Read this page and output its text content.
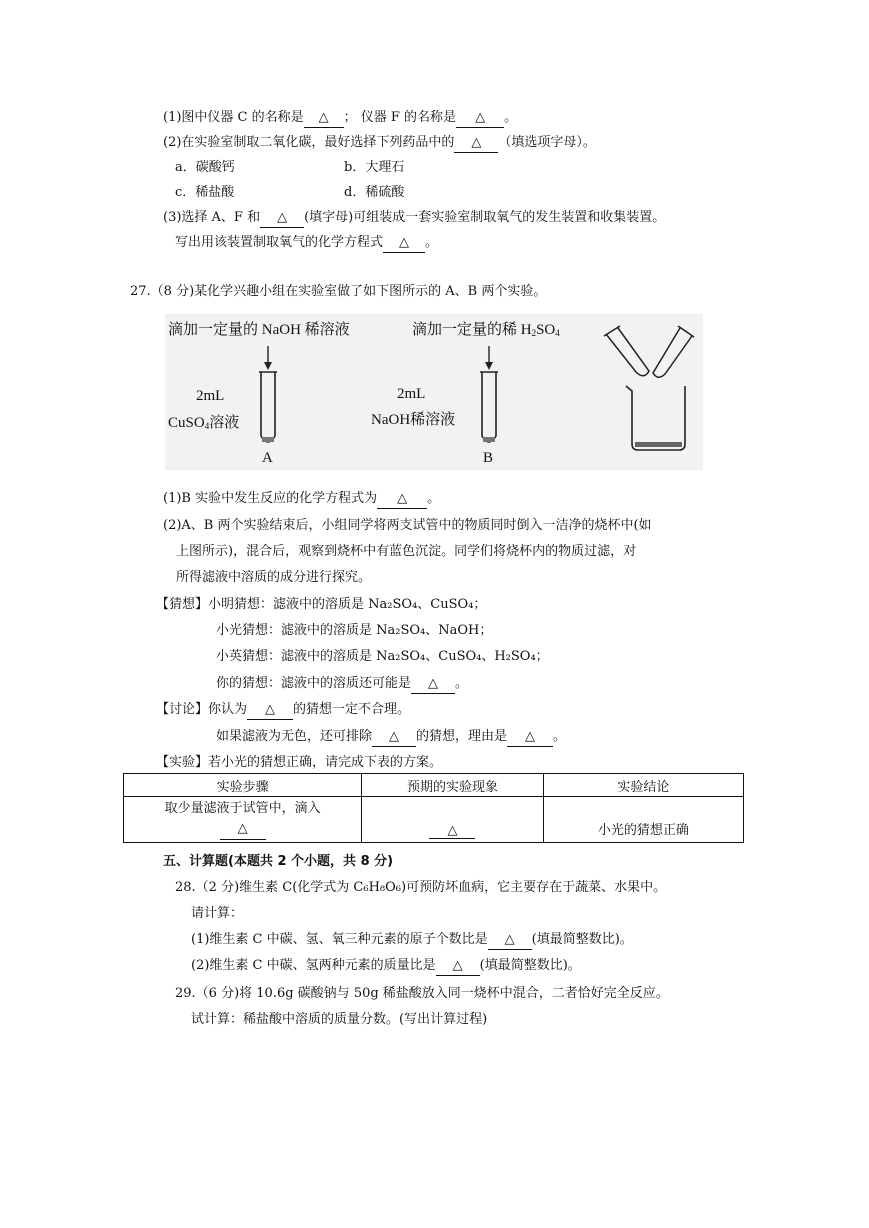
(1)图中仪器 C 的名称是 △ ； 仪器 F 的名称是 △ 。
(2)在实验室制取二氧化碳，最好选择下列药品中的 △ （填选项字母）。
a．碳酸钙	b．大理石
c．稀盐酸	d．稀硫酸
(3)选择 A、F 和 △ (填字母)可组装成一套实验室制取氧气的发生装置和收集装置。
写出用该装置制取氧气的化学方程式 △ 。
27.（8 分)某化学兴趣小组在实验室做了如下图所示的 A、B 两个实验。
滴加一定量的 NaOH 稀溶液
2mL
CuSO$_4$溶液
A
滴加一定量的稀 $H_2SO_4$
2mL
NaOH稀溶液
B
(1)B 实验中发生反应的化学方程式为 △ 。
(2)A、B 两个实验结束后，小组同学将两支试管中的物质同时倒入一洁净的烧杯中(如
上图所示)，混合后，观察到烧杯中有蓝色沉淀。同学们将烧杯内的物质过滤，对
所得滤液中溶质的成分进行探究。
【猜想】小明猜想：滤液中的溶质是 Na₂SO₄、CuSO₄；
小光猜想：滤液中的溶质是 Na₂SO₄、NaOH；
小英猜想：滤液中的溶质是 Na₂SO₄、CuSO₄、H₂SO₄；
你的猜想：滤液中的溶质还可能是 △ 。
【讨论】你认为 △ 的猜想一定不合理。
如果滤液为无色，还可排除 △ 的猜想，理由是 △ 。
【实验】若小光的猜想正确，请完成下表的方案。
实验步骤	预期的实验现象	实验结论

取少量滤液于试管中，滴入
△	△	小光的猜想正确
五、计算题(本题共 2 个小题，共 8 分)
28.（2 分)维生素 C(化学式为 C₆H₈O₆)可预防坏血病，它主要存在于蔬菜、水果中。
请计算：
(1)维生素 C 中碳、氢、氧三种元素的原子个数比是 △ (填最简整数比)。
(2)维生素 C 中碳、氢两种元素的质量比是 △ (填最简整数比)。
29.（6 分)将 10.6g 碳酸钠与 50g 稀盐酸放入同一烧杯中混合，二者恰好完全反应。
试计算：稀盐酸中溶质的质量分数。(写出计算过程)
